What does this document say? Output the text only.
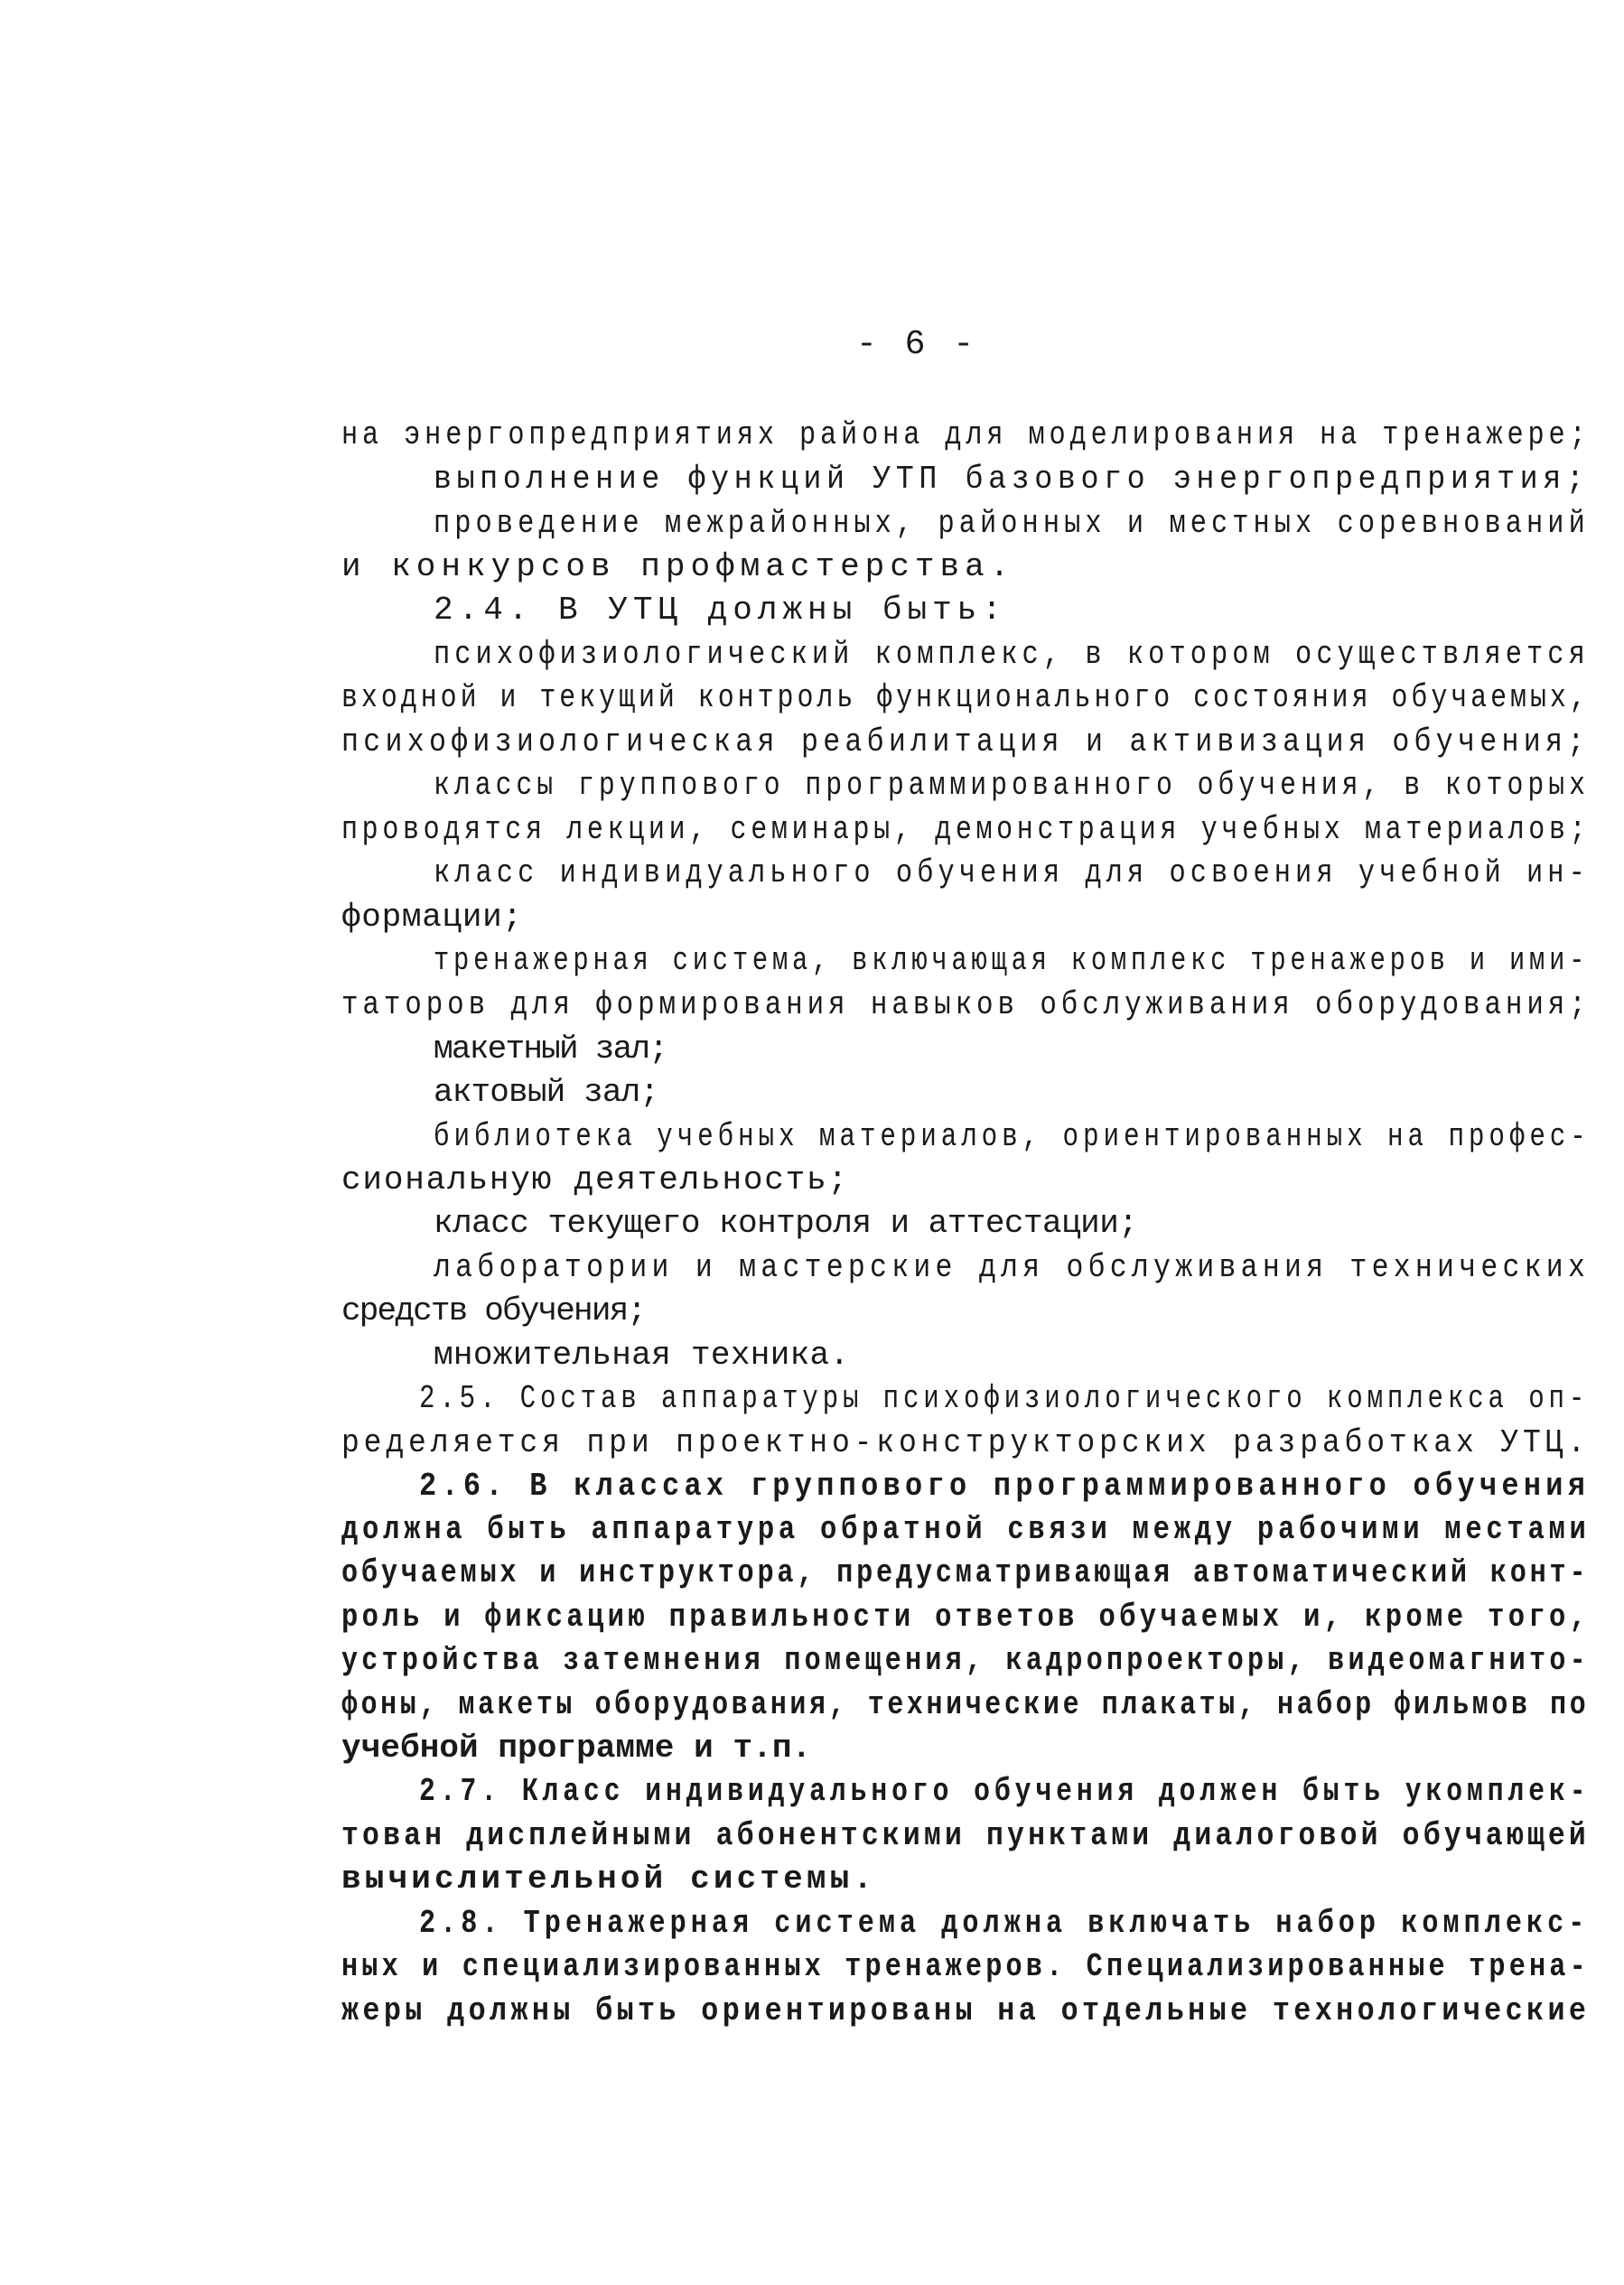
- 6 -
на энергопредприятиях района для моделирования на тренажере;
выполнение функций УТП базового энергопредприятия;
проведение межрайонных, районных и местных соревнований
и конкурсов профмастерства.
2.4. В УТЦ должны быть:
психофизиологический комплекс, в котором осуществляется
входной и текущий контроль функционального состояния обучаемых,
психофизиологическая реабилитация и активизация обучения;
классы группового программированного обучения, в которых
проводятся лекции, семинары, демонстрация учебных материалов;
класс индивидуального обучения для освоения учебной ин-
формации;
тренажерная система, включающая комплекс тренажеров и ими-
таторов для формирования навыков обслуживания оборудования;
макетный зал;
актовый зал;
библиотека учебных материалов, ориентированных на профес-
сиональную деятельность;
класс текущего контроля и аттестации;
лаборатории и мастерские для обслуживания технических
средств обучения;
множительная техника.
2.5. Состав аппаратуры психофизиологического комплекса оп-
ределяется при проектно-конструкторских разработках УТЦ.
2.6. В классах группового программированного обучения
должна быть аппаратура обратной связи между рабочими местами
обучаемых и инструктора, предусматривающая автоматический конт-
роль и фиксацию правильности ответов обучаемых и, кроме того,
устройства затемнения помещения, кадропроекторы, видеомагнито-
фоны, макеты оборудования, технические плакаты, набор фильмов по
учебной программе и т.п.
2.7. Класс индивидуального обучения должен быть укомплек-
тован дисплейными абонентскими пунктами диалоговой обучающей
вычислительной системы.
2.8. Тренажерная система должна включать набор комплекс-
ных и специализированных тренажеров. Специализированные трена-
жеры должны быть ориентированы на отдельные технологические
